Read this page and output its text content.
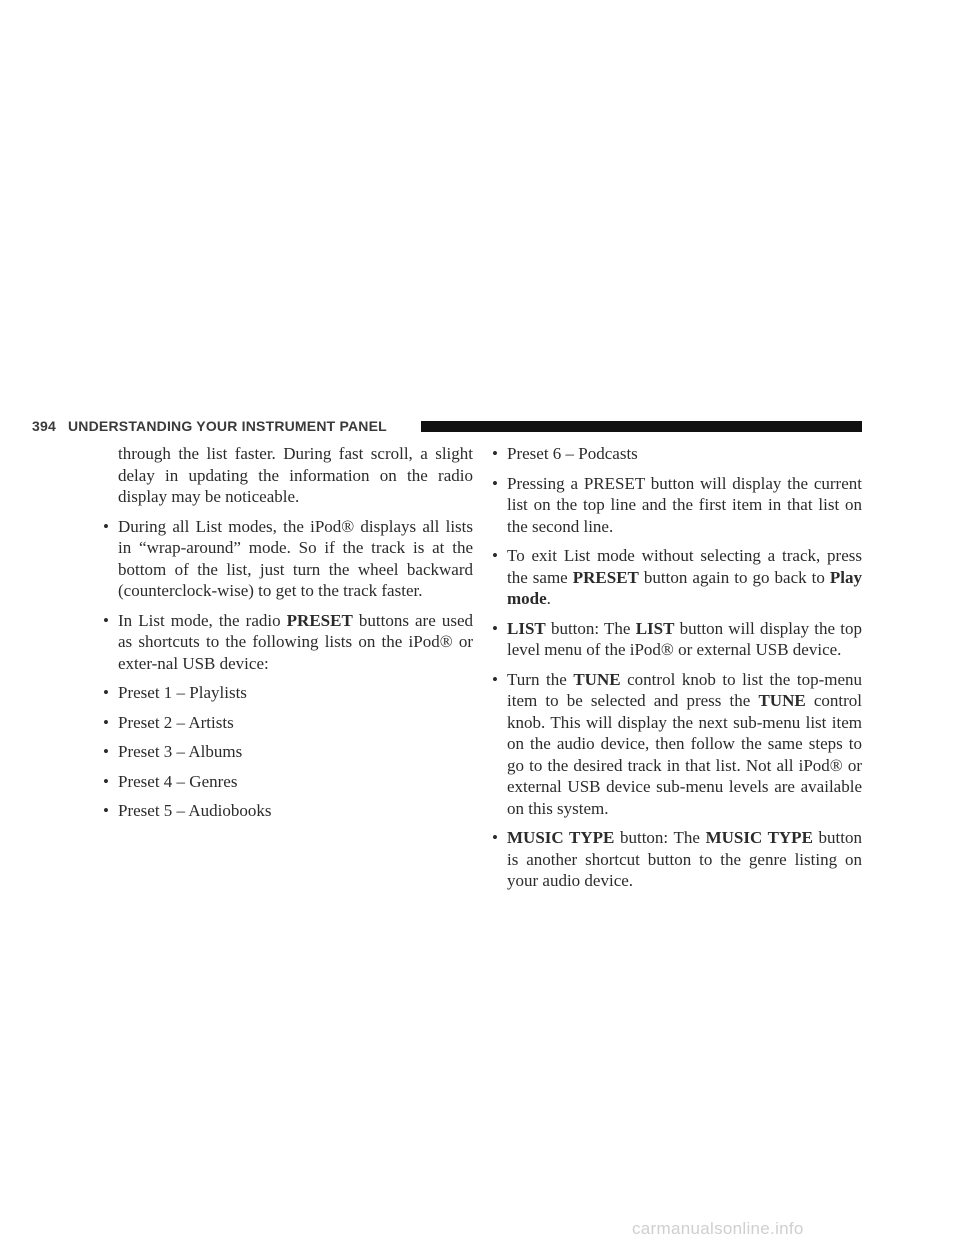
394 UNDERSTANDING YOUR INSTRUMENT PANEL

through the list faster. During fast scroll, a slight delay in updating the information on the radio display may be noticeable.

• During all List modes, the iPod® displays all lists in “wrap-around” mode. So if the track is at the bottom of the list, just turn the wheel backward (counterclock-wise) to get to the track faster.
• In List mode, the radio PRESET buttons are used as shortcuts to the following lists on the iPod® or exter-nal USB device:
• Preset 1 – Playlists
• Preset 2 – Artists
• Preset 3 – Albums
• Preset 4 – Genres
• Preset 5 – Audiobooks
• Preset 6 – Podcasts
• Pressing a PRESET button will display the current list on the top line and the first item in that list on the second line.
• To exit List mode without selecting a track, press the same PRESET button again to go back to Play mode.
• LIST button: The LIST button will display the top level menu of the iPod® or external USB device.
• Turn the TUNE control knob to list the top-menu item to be selected and press the TUNE control knob. This will display the next sub-menu list item on the audio device, then follow the same steps to go to the desired track in that list. Not all iPod® or external USB device sub-menu levels are available on this system.
• MUSIC TYPE button: The MUSIC TYPE button is another shortcut button to the genre listing on your audio device.
carmanualsonline.info
